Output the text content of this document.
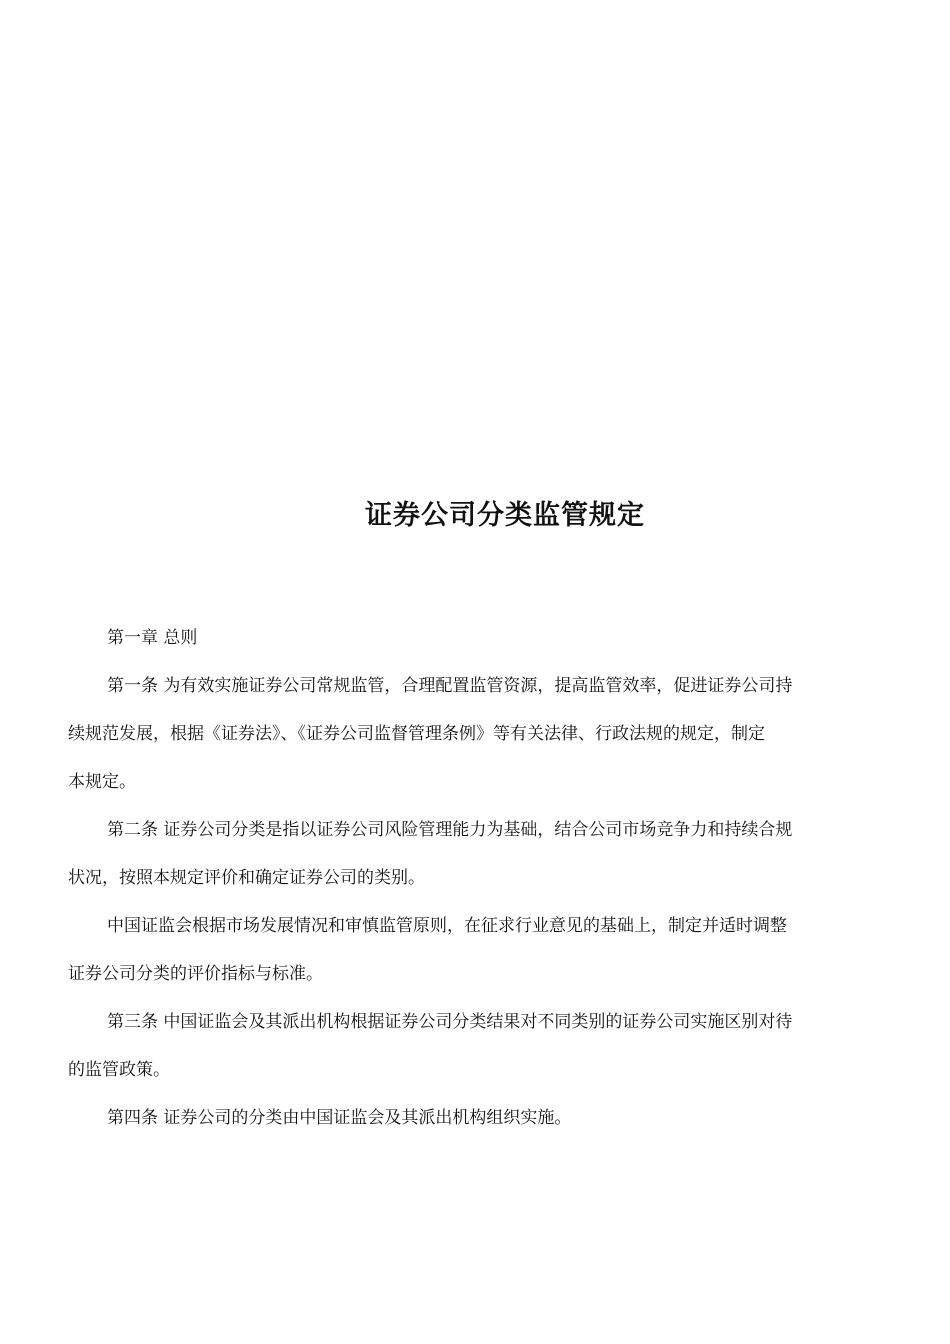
证券公司分类监管规定

第一章 总则

第一条 为有效实施证券公司常规监管，合理配置监管资源，提高监管效率，促进证券公司持
续规范发展，根据《证券法》、《证券公司监督管理条例》等有关法律、行政法规的规定，制定
本规定。

第二条 证券公司分类是指以证券公司风险管理能力为基础，结合公司市场竞争力和持续合规
状况，按照本规定评价和确定证券公司的类别。

中国证监会根据市场发展情况和审慎监管原则，在征求行业意见的基础上，制定并适时调整
证券公司分类的评价指标与标准。

第三条 中国证监会及其派出机构根据证券公司分类结果对不同类别的证券公司实施区别对待
的监管政策。

第四条 证券公司的分类由中国证监会及其派出机构组织实施。
